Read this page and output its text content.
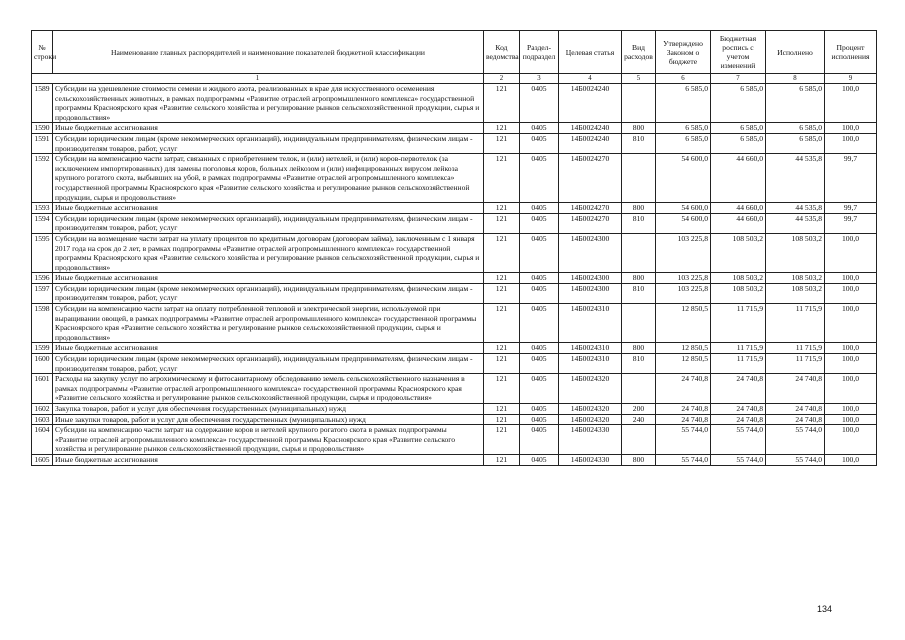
№ строки	Наименование главных распорядителей и наименование показателей бюджетной классификации	Код ведомства	Раздел-подраздел	Целевая статья	Вид расходов	Утверждено Законом о бюджете	Бюджетная роспись с учетом изменений	Исполнено	Процент исполнения
1		2	3	4	5	6	7	8	9
1589	Субсидии на удешевление стоимости семени и жидкого азота, реализованных в крае для искусственного осеменения сельскохозяйственных животных, в рамках подпрограммы «Развитие отраслей агропромышленного комплекса» государственной программы Красноярского края «Развитие сельского хозяйства и регулирование рынков сельскохозяйственной продукции, сырья и продовольствия»	121	0405	14Б0024240		6 585,0	6 585,0	6 585,0	100,0
1590	Иные бюджетные ассигнования	121	0405	14Б0024240	800	6 585,0	6 585,0	6 585,0	100,0
1591	Субсидии юридическим лицам (кроме некоммерческих организаций), индивидуальным предпринимателям, физическим лицам - производителям товаров, работ, услуг	121	0405	14Б0024240	810	6 585,0	6 585,0	6 585,0	100,0
1592	Субсидии на компенсацию части затрат, связанных с приобретением телок, и (или) нетелей, и (или) коров-первотелок (за исключением импортированных) для замены поголовья коров, больных лейкозом и (или) инфицированных вирусом лейкоза крупного рогатого скота, выбывших на убой, в рамках подпрограммы «Развитие отраслей агропромышленного комплекса» государственной программы Красноярского края «Развитие сельского хозяйства и регулирование рынков сельскохозяйственной продукции, сырья и продовольствия»	121	0405	14Б0024270		54 600,0	44 660,0	44 535,8	99,7
1593	Иные бюджетные ассигнования	121	0405	14Б0024270	800	54 600,0	44 660,0	44 535,8	99,7
1594	Субсидии юридическим лицам (кроме некоммерческих организаций), индивидуальным предпринимателям, физическим лицам - производителям товаров, работ, услуг	121	0405	14Б0024270	810	54 600,0	44 660,0	44 535,8	99,7
1595	Субсидии на возмещение части затрат на уплату процентов по кредитным договорам (договорам займа), заключенным с 1 января 2017 года на срок до 2 лет, в рамках подпрограммы «Развитие отраслей агропромышленного комплекса» государственной программы Красноярского края «Развитие сельского хозяйства и регулирование рынков сельскохозяйственной продукции, сырья и продовольствия»	121	0405	14Б0024300		103 225,8	108 503,2	108 503,2	100,0
1596	Иные бюджетные ассигнования	121	0405	14Б0024300	800	103 225,8	108 503,2	108 503,2	100,0
1597	Субсидии юридическим лицам (кроме некоммерческих организаций), индивидуальным предпринимателям, физическим лицам - производителям товаров, работ, услуг	121	0405	14Б0024300	810	103 225,8	108 503,2	108 503,2	100,0
1598	Субсидии на компенсацию части затрат на оплату потребленной тепловой и электрической энергии, используемой при выращивании овощей, в рамках подпрограммы «Развитие отраслей агропромышленного комплекса» государственной программы Красноярского края «Развитие сельского хозяйства и регулирование рынков сельскохозяйственной продукции, сырья и продовольствия»	121	0405	14Б0024310		12 850,5	11 715,9	11 715,9	100,0
1599	Иные бюджетные ассигнования	121	0405	14Б0024310	800	12 850,5	11 715,9	11 715,9	100,0
1600	Субсидии юридическим лицам (кроме некоммерческих организаций), индивидуальным предпринимателям, физическим лицам - производителям товаров, работ, услуг	121	0405	14Б0024310	810	12 850,5	11 715,9	11 715,9	100,0
1601	Расходы на закупку услуг по агрохимическому и фитосанитарному обследованию земель сельскохозяйственного назначения в рамках подпрограммы «Развитие отраслей агропромышленного комплекса» государственной программы Красноярского края «Развитие сельского хозяйства и регулирование рынков сельскохозяйственной продукции, сырья и продовольствия»	121	0405	14Б0024320		24 740,8	24 740,8	24 740,8	100,0
1602	Закупка товаров, работ и услуг для обеспечения государственных (муниципальных) нужд	121	0405	14Б0024320	200	24 740,8	24 740,8	24 740,8	100,0
1603	Иные закупки товаров, работ и услуг для обеспечения государственных (муниципальных) нужд	121	0405	14Б0024320	240	24 740,8	24 740,8	24 740,8	100,0
1604	Субсидии на компенсацию части затрат на содержание коров и нетелей крупного рогатого скота в рамках подпрограммы «Развитие отраслей агропромышленного комплекса» государственной программы Красноярского края «Развитие сельского хозяйства и регулирование рынков сельскохозяйственной продукции, сырья и продовольствия»	121	0405	14Б0024330		55 744,0	55 744,0	55 744,0	100,0
1605	Иные бюджетные ассигнования	121	0405	14Б0024330	800	55 744,0	55 744,0	55 744,0	100,0
134
